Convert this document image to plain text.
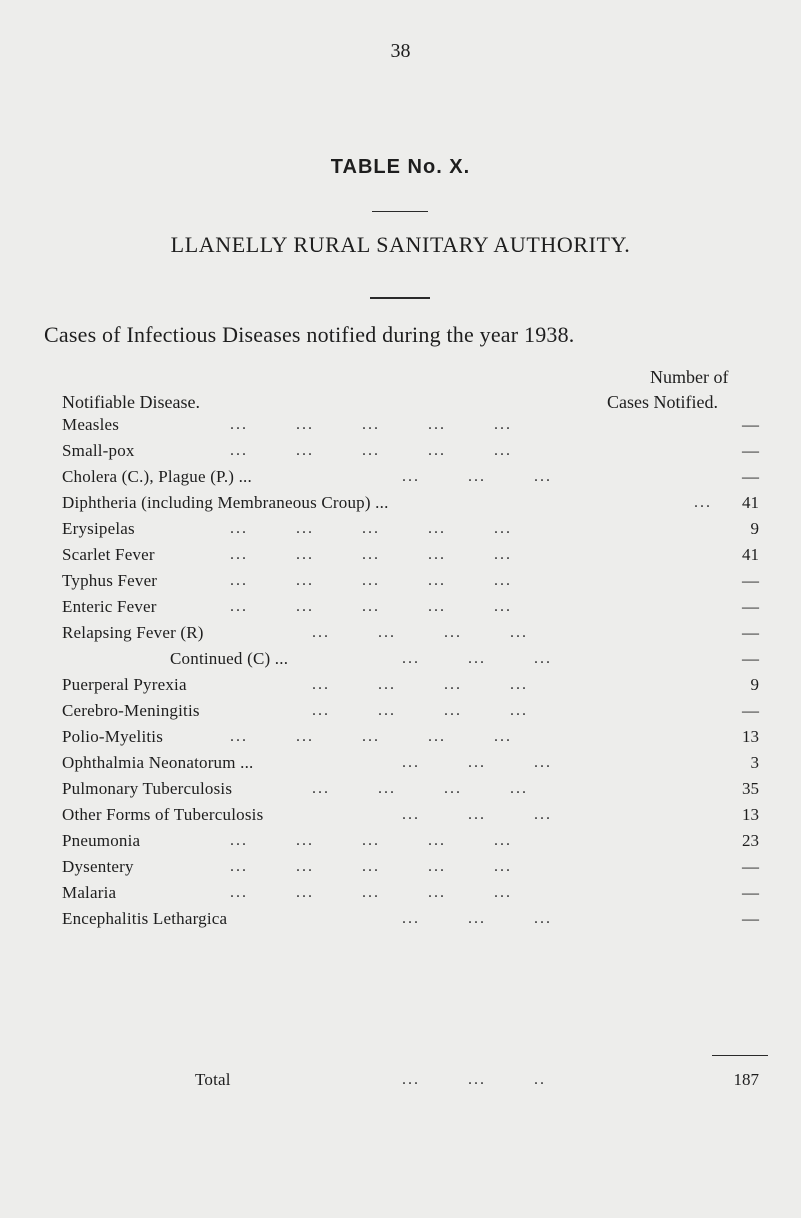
38
TABLE No. X.
LLANELLY RURAL SANITARY AUTHORITY.
Cases of Infectious Diseases notified during the year 1938.
Notifiable Disease.
Number of
Cases Notified.
Measles	...        ...        ...        ...        ...	—
Small-pox	...        ...        ...        ...        ...	—
Cholera (C.), Plague (P.) ...	...        ...        ...	—
Diphtheria (including Membraneous Croup) ...	...	41
Erysipelas	...        ...        ...        ...        ...	9
Scarlet Fever	...        ...        ...        ...        ...	41
Typhus Fever	...        ...        ...        ...        ...	—
Enteric Fever	...        ...        ...        ...        ...	—
Relapsing Fever (R)	...        ...        ...        ...	—
Continued (C) ...	...        ...        ...	—
Puerperal Pyrexia	...        ...        ...        ...	9
Cerebro-Meningitis	...        ...        ...        ...	—
Polio-Myelitis	...        ...        ...        ...        ...	13
Ophthalmia Neonatorum ...	...        ...        ...	3
Pulmonary Tuberculosis	...        ...        ...        ...	35
Other Forms of Tuberculosis	...        ...        ...	13
Pneumonia	...        ...        ...        ...        ...	23
Dysentery	...        ...        ...        ...        ...	—
Malaria	...        ...        ...        ...        ...	—
Encephalitis Lethargica	...        ...        ...	—
Total	...        ...        ..	187
